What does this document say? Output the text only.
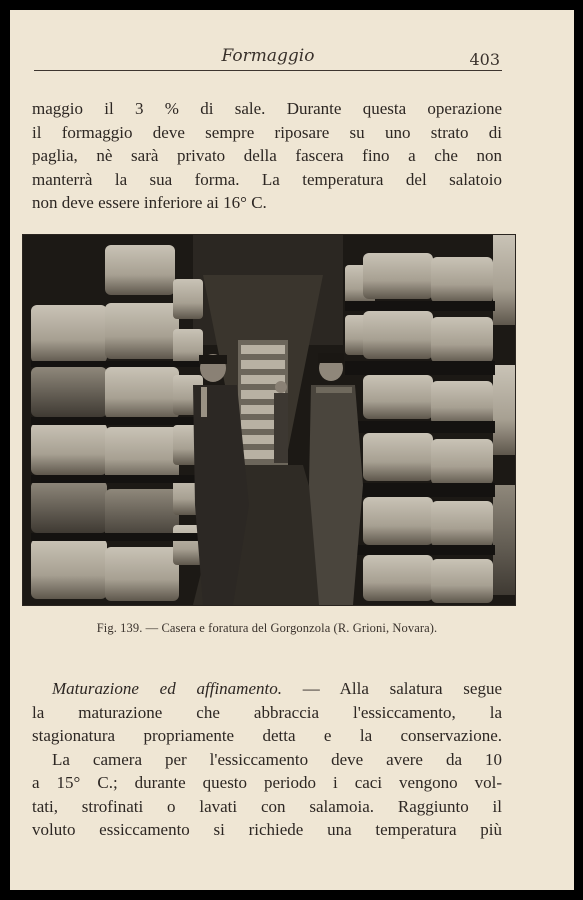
Formaggio	403
maggio il 3 % di sale. Durante questa operazione
il formaggio deve sempre riposare su uno strato di
paglia, nè sarà privato della fascera fino a che non
manterrà la sua forma. La temperatura del salatoio
non deve essere inferiore ai 16° C.
Fig. 139. — Casera e foratura del Gorgonzola (R. Grioni, Novara).
Maturazione ed affinamento. — Alla salatura segue
la maturazione che abbraccia l'essiccamento, la
stagionatura propriamente detta e la conservazione.
La camera per l'essiccamento deve avere da 10
a 15° C.; durante questo periodo i caci vengono vol-
tati, strofinati o lavati con salamoia. Raggiunto il
voluto essiccamento si richiede una temperatura più
